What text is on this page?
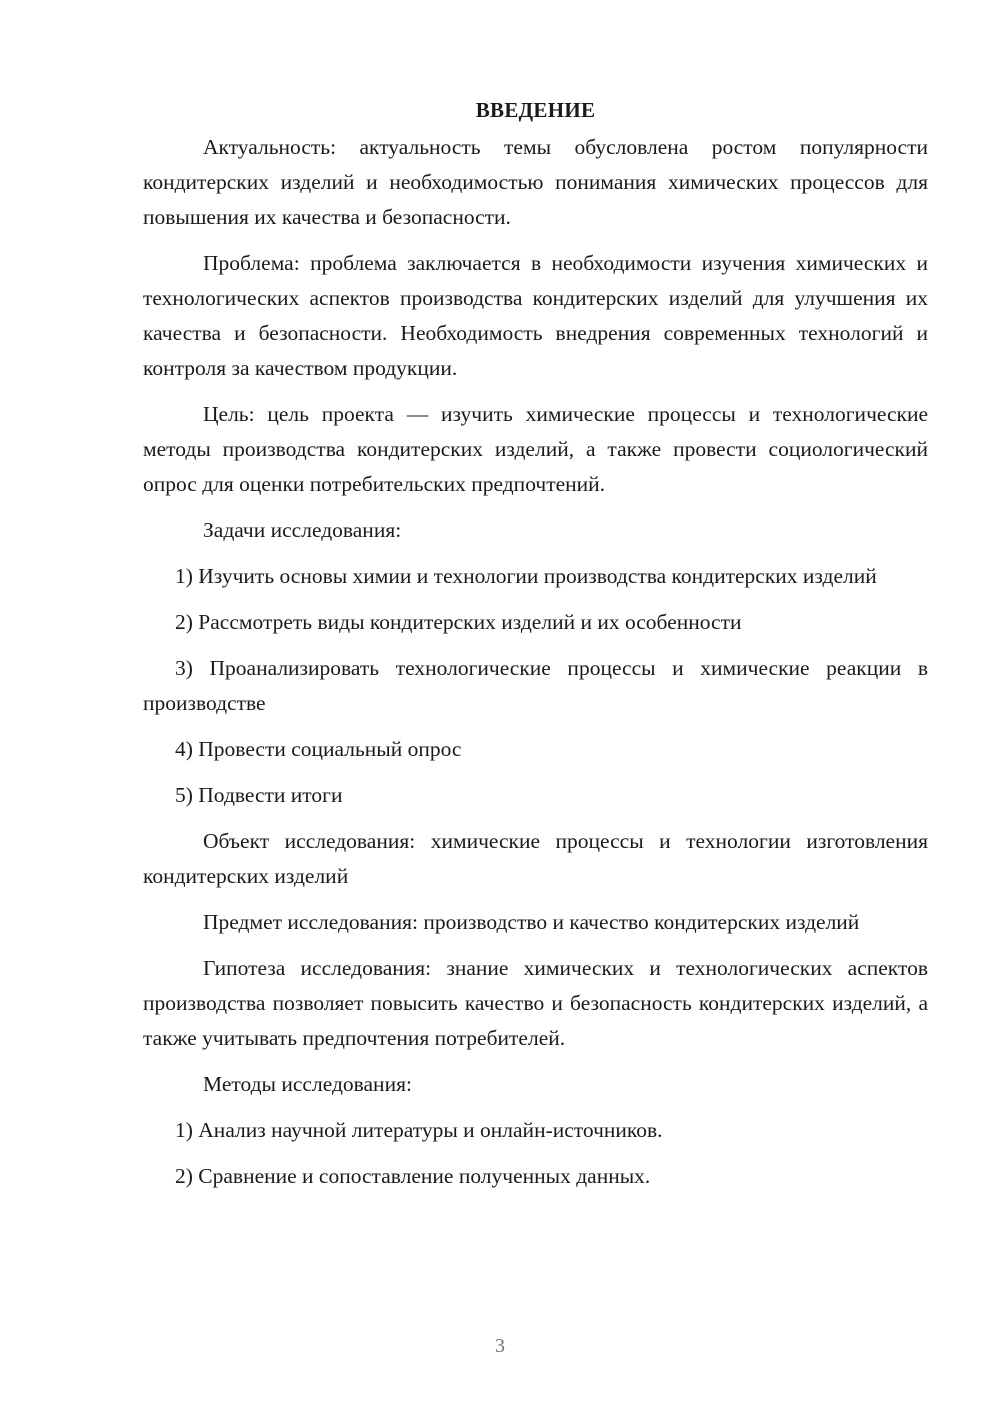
ВВЕДЕНИЕ

Актуальность: актуальность темы обусловлена ростом популярности кондитерских изделий и необходимостью понимания химических процессов для повышения их качества и безопасности.

Проблема: проблема заключается в необходимости изучения химических и технологических аспектов производства кондитерских изделий для улучшения их качества и безопасности. Необходимость внедрения современных технологий и контроля за качеством продукции.

Цель: цель проекта — изучить химические процессы и технологические методы производства кондитерских изделий, а также провести социологический опрос для оценки потребительских предпочтений.

Задачи исследования:

1) Изучить основы химии и технологии производства кондитерских изделий

2) Рассмотреть виды кондитерских изделий и их особенности

3) Проанализировать технологические процессы и химические реакции в производстве

4) Провести социальный опрос

5) Подвести итоги

Объект исследования: химические процессы и технологии изготовления кондитерских изделий

Предмет исследования: производство и качество кондитерских изделий

Гипотеза исследования: знание химических и технологических аспектов производства позволяет повысить качество и безопасность кондитерских изделий, а также учитывать предпочтения потребителей.

Методы исследования:

1) Анализ научной литературы и онлайн-источников.

2) Сравнение и сопоставление полученных данных.

3
